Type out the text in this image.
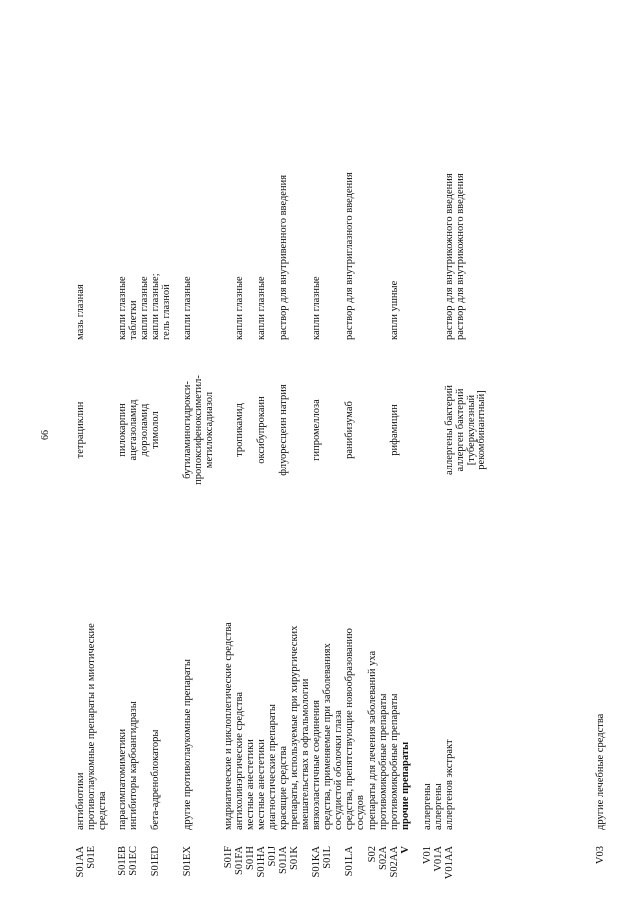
66
S01AA
антибиотики
тетрациклин
мазь глазная
S01E
противоглаукомные препараты и миотические средства
S01EB
парасимпатомиметики
пилокарпин
капли глазные
S01EC
ингибиторы карбоангидразы
ацетазоламид дорзоламид
таблетки капли глазные
S01ED
бета-адреноблокаторы
тимолол
капли глазные; гель глазной
S01EX
другие противоглаукомные препараты
бутиламиногидрокси- пропоксифеноксиметил- метилоксадиазол
капли глазные
S01F
мидриатические и циклоплегические средства
S01FA
антихолинэргические средства
тропикамид
капли глазные
S01H
местные анестетики
S01HA
местные анестетики
оксибупрокаин
капли глазные
S01J
диагностические препараты
S01JA
красящие средства
флуоресцеин натрия
раствор для внутривенного введения
S01K
препараты, используемые при хирургических вмешательствах в офтальмологии
S01KA
вязкоэластичные соединения
гипромеллоза
капли глазные
S01L
средства, применяемые при заболеваниях сосудистой оболочки глаза
S01LA
средства, препятствующие новообразованию сосудов
ранибизумаб
раствор для внутриглазного введения
S02
препараты для лечения заболеваний уха
S02A
противомикробные препараты
S02AA
противомикробные препараты
рифамицин
капли ушные
V
прочие препараты
V01
аллергены
V01A
аллергены
V01AA
аллергенов экстракт
аллергены бактерий аллерген бактерий [туберкулезный рекомбинантный]
раствор для внутрикожного введения раствор для внутрикожного введения
V03
другие лечебные средства
